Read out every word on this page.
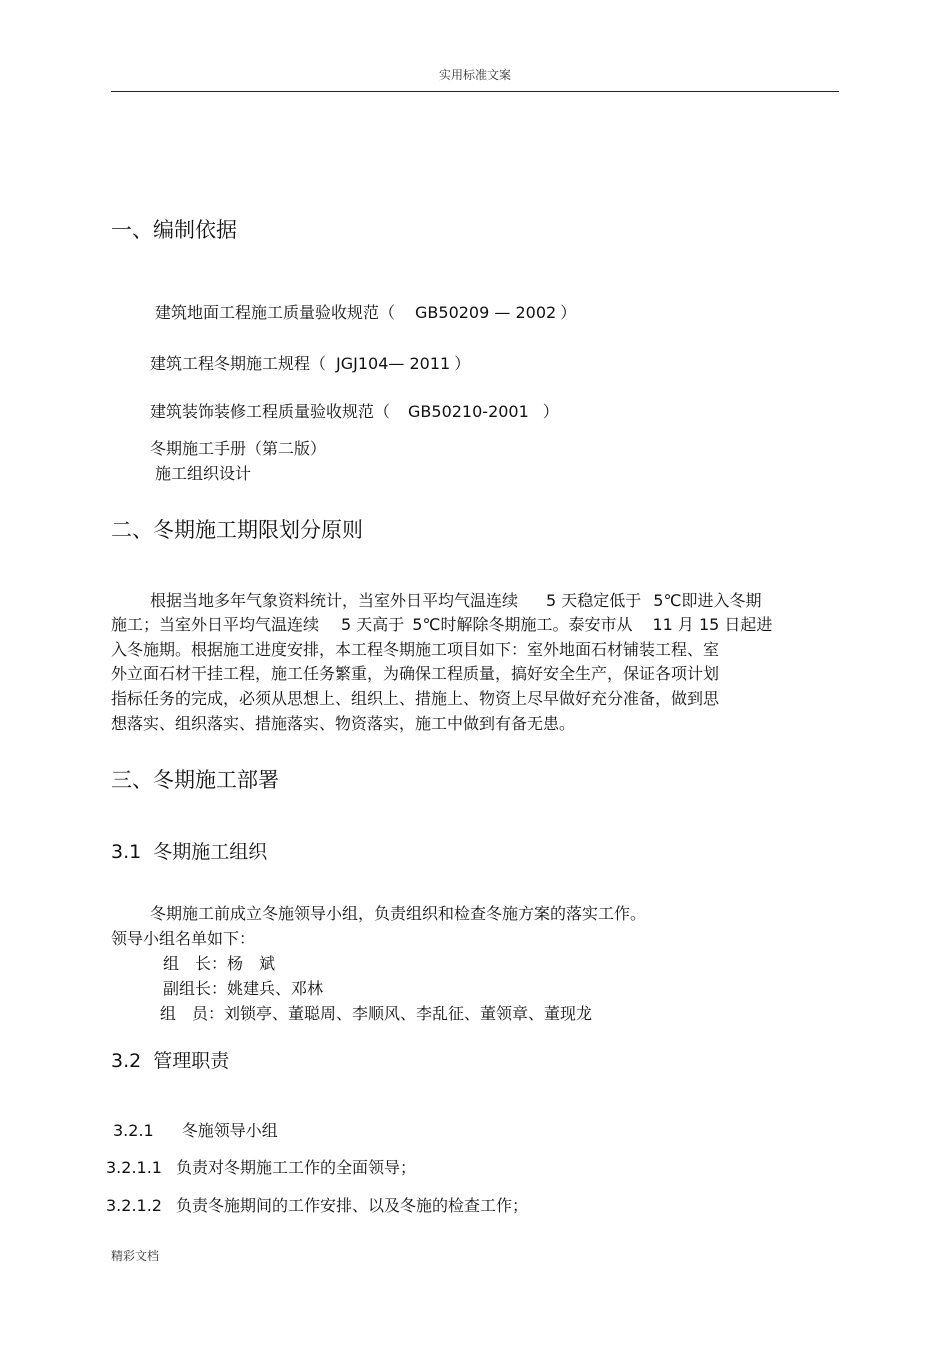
实用标准文案
一、编制依据
建筑地面工程施工质量验收规范（ GB50209 — 2002 ）
建筑工程冬期施工规程（ JGJ104— 2011 ）
建筑装饰装修工程质量验收规范（ GB50210-2001 ）
冬期施工手册（第二版）
施工组织设计
二、冬期施工期限划分原则
根据当地多年气象资料统计，当室外日平均气温连续 5 天稳定低于 5℃即进入冬期
施工；当室外日平均气温连续 5 天高于 5℃时解除冬期施工。泰安市从 11 月 15 日起进
入冬施期。根据施工进度安排，本工程冬期施工项目如下：室外地面石材铺装工程、室
外立面石材干挂工程，施工任务繁重，为确保工程质量，搞好安全生产，保证各项计划
指标任务的完成，必须从思想上、组织上、措施上、物资上尽早做好充分准备，做到思
想落实、组织落实、措施落实、物资落实，施工中做到有备无患。
三、冬期施工部署
3.1 冬期施工组织
冬期施工前成立冬施领导小组，负责组织和检查冬施方案的落实工作。
领导小组名单如下：
组　长：杨　斌
副组长：姚建兵、邓林
组　员：刘锁亭、董聪周、李顺风、李乱征、董领章、董现龙
3.2 管理职责
3.2.1 冬施领导小组
3.2.1.1 负责对冬期施工工作的全面领导；
3.2.1.2 负责冬施期间的工作安排、以及冬施的检查工作；
精彩文档
